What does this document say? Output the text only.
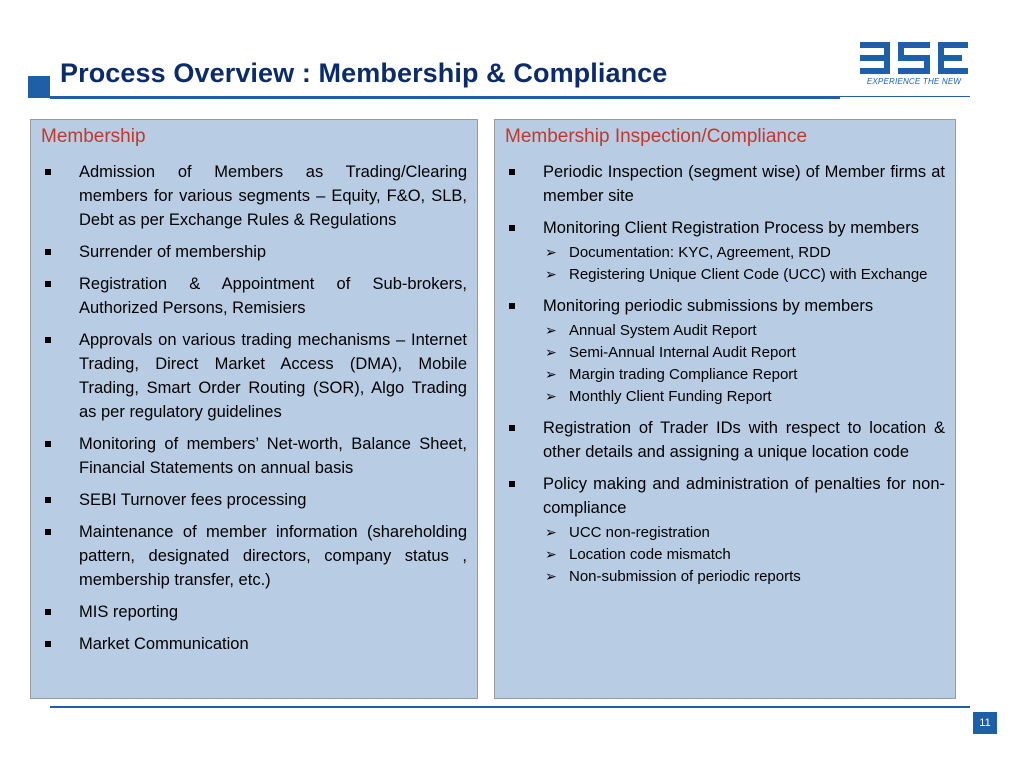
Process Overview : Membership & Compliance	EXPERIENCE THE NEW
Membership
Admission of Members as Trading/Clearing members for various segments – Equity, F&O, SLB, Debt as per Exchange Rules & Regulations
Surrender of membership
Registration & Appointment of Sub-brokers, Authorized Persons, Remisiers
Approvals on various trading mechanisms – Internet Trading, Direct Market Access (DMA), Mobile Trading, Smart Order Routing (SOR), Algo Trading as per regulatory guidelines
Monitoring of members’ Net-worth, Balance Sheet, Financial Statements on annual basis
SEBI Turnover fees processing
Maintenance of member information (shareholding pattern, designated directors, company status , membership transfer, etc.)
MIS reporting
Market Communication
Membership Inspection/Compliance
Periodic Inspection (segment wise) of Member firms at member site
Monitoring Client Registration Process by members
➢ Documentation: KYC, Agreement, RDD
➢ Registering Unique Client Code (UCC) with Exchange
Monitoring periodic submissions by members
➢ Annual System Audit Report
➢ Semi-Annual Internal Audit Report
➢ Margin trading Compliance Report
➢ Monthly Client Funding Report
Registration of Trader IDs with respect to location & other details and assigning a unique location code
Policy making and administration of penalties for non-compliance
➢ UCC non-registration
➢ Location code mismatch
➢ Non-submission of periodic reports
11
